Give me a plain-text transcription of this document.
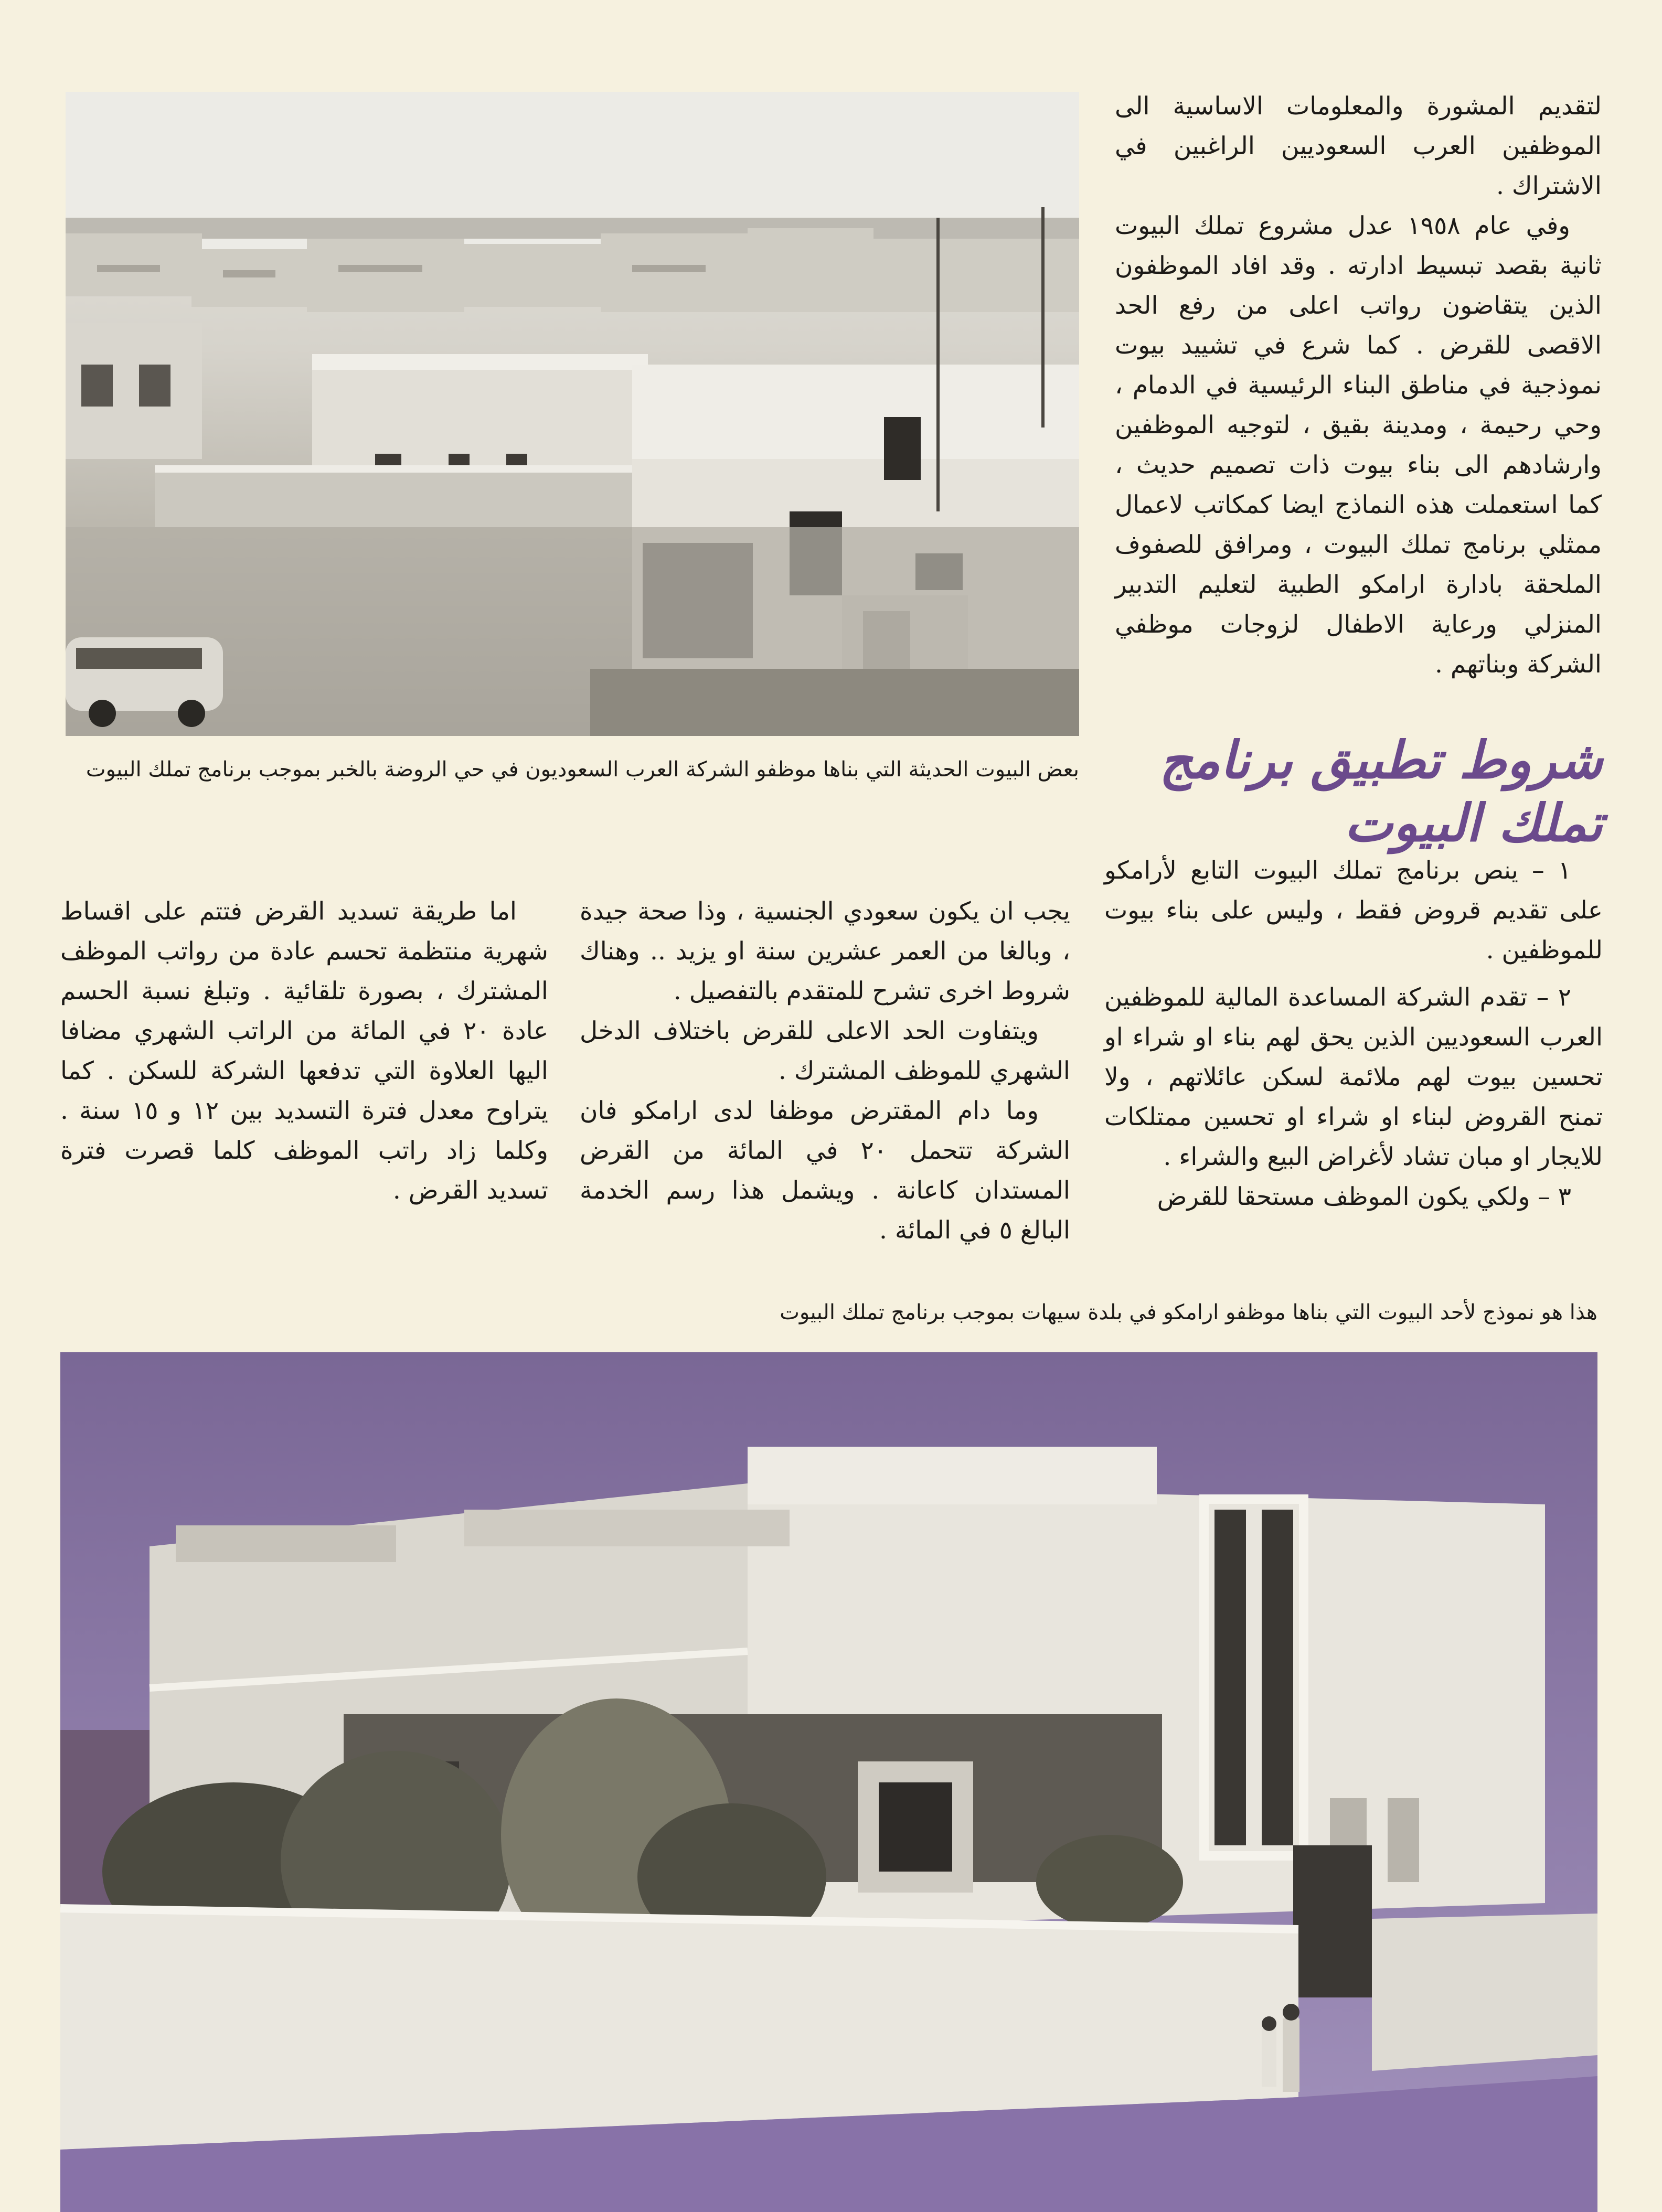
لتقديم المشورة والمعلومات الاساسية الى الموظفين العرب السعوديين الراغبين في الاشتراك .

وفي عام ١٩٥٨ عدل مشروع تملك البيوت ثانية بقصد تبسيط ادارته . وقد افاد الموظفون الذين يتقاضون رواتب اعلى من رفع الحد الاقصى للقرض . كما شرع في تشييد بيوت نموذجية في مناطق البناء الرئيسية في الدمام ، وحي رحيمة ، ومدينة بقيق ، لتوجيه الموظفين وارشادهم الى بناء بيوت ذات تصميم حديث ، كما استعملت هذه النماذج ايضا كمكاتب لاعمال ممثلي برنامج تملك البيوت ، ومرافق للصفوف الملحقة بادارة ارامكو الطبية لتعليم التدبير المنزلي ورعاية الاطفال لزوجات موظفي الشركة وبناتهم .

بعض البيوت الحديثة التي بناها موظفو الشركة العرب السعوديون في حي الروضة بالخبر بموجب برنامج تملك البيوت	شروط تطبيق برنامج تملك البيوت

١ – ينص برنامج تملك البيوت التابع لأرامكو على تقديم قروض فقط ، وليس على بناء بيوت للموظفين .

٢ – تقدم الشركة المساعدة المالية للموظفين العرب السعوديين الذين يحق لهم بناء او شراء او تحسين بيوت لهم ملائمة لسكن عائلاتهم ، ولا تمنح القروض لبناء او شراء او تحسين ممتلكات للايجار او مبان تشاد لأغراض البيع والشراء .

٣ – ولكي يكون الموظف مستحقا للقرض

يجب ان يكون سعودي الجنسية ، وذا صحة جيدة ، وبالغا من العمر عشرين سنة او يزيد .. وهناك شروط اخرى تشرح للمتقدم بالتفصيل .

ويتفاوت الحد الاعلى للقرض باختلاف الدخل الشهري للموظف المشترك .

وما دام المقترض موظفا لدى ارامكو فان الشركة تتحمل ٢٠ في المائة من القرض المستدان كاعانة . ويشمل هذا رسم الخدمة البالغ ٥ في المائة .

اما طريقة تسديد القرض فتتم على اقساط شهرية منتظمة تحسم عادة من رواتب الموظف المشترك ، بصورة تلقائية . وتبلغ نسبة الحسم عادة ٢٠ في المائة من الراتب الشهري مضافا اليها العلاوة التي تدفعها الشركة للسكن . كما يتراوح معدل فترة التسديد بين ١٢ و ١٥ سنة . وكلما زاد راتب الموظف كلما قصرت فترة تسديد القرض .

هذا هو نموذج لأحد البيوت التي بناها موظفو ارامكو في بلدة سيهات بموجب برنامج تملك البيوت
